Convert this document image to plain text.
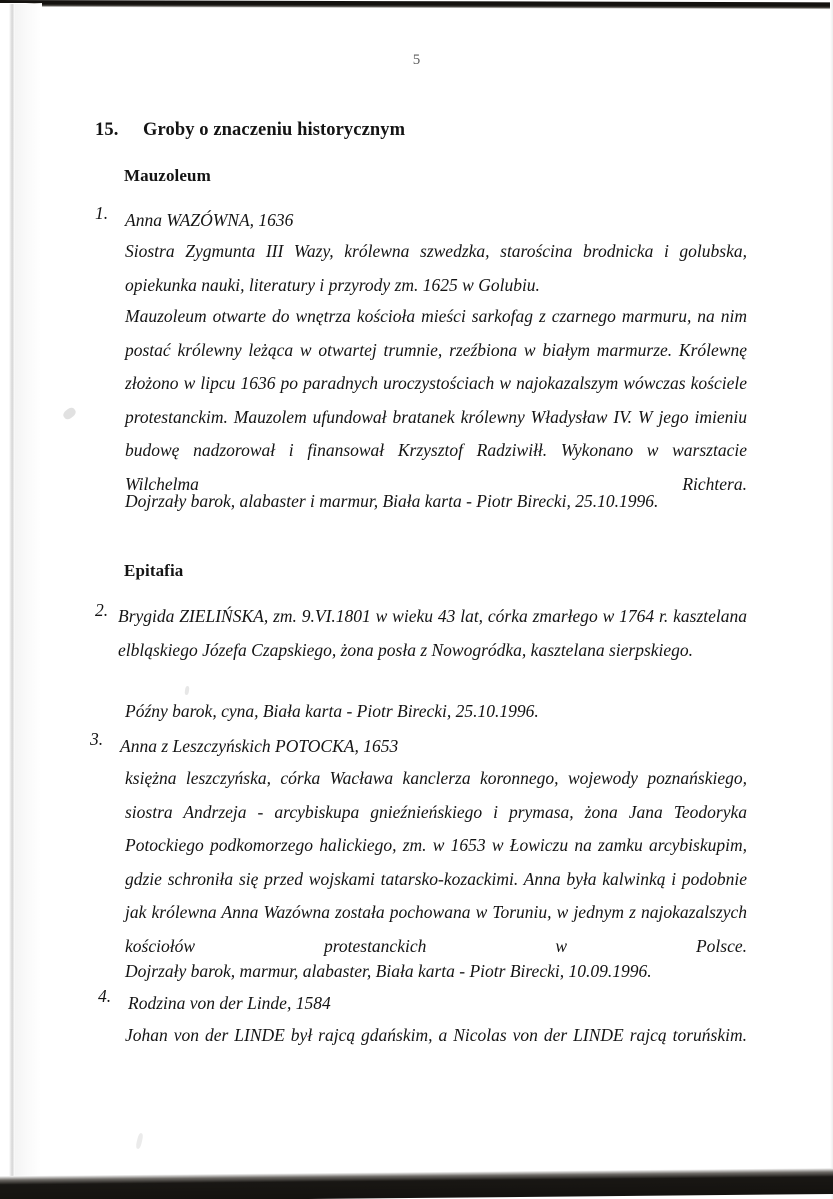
5
15. Groby o znaczeniu historycznym
Mauzoleum
1. Anna WAZÓWNA, 1636

Siostra Zygmunta III Wazy, królewna szwedzka, starościna brodnicka i golubska, opiekunka nauki, literatury i przyrody zm. 1625 w Golubiu.

Mauzoleum otwarte do wnętrza kościoła mieści sarkofag z czarnego marmuru, na nim postać królewny leżąca w otwartej trumnie, rzeźbiona w białym marmurze. Królewnę złożono w lipcu 1636 po paradnych uroczystościach w najokazalszym wówczas kościele protestanckim. Mauzolem ufundował bratanek królewny Władysław IV. W jego imieniu budowę nadzorował i finansował Krzysztof Radziwiłł. Wykonano w warsztacie Wilchelma Richtera.

Dojrzały barok, alabaster i marmur, Biała karta - Piotr Birecki, 25.10.1996.

Epitafia
2. Brygida ZIELIŃSKA, zm. 9.VI.1801 w wieku 43 lat, córka zmarłego w 1764 r. kasztelana elbląskiego Józefa Czapskiego, żona posła z Nowogródka, kasztelana sierpskiego.

Późny barok, cyna, Biała karta - Piotr Birecki, 25.10.1996.

3. Anna z Leszczyńskich POTOCKA, 1653

księżna leszczyńska, córka Wacława kanclerza koronnego, wojewody poznańskiego, siostra Andrzeja - arcybiskupa gnieźnieńskiego i prymasa, żona Jana Teodoryka Potockiego podkomorzego halickiego, zm. w 1653 w Łowiczu na zamku arcybiskupim, gdzie schroniła się przed wojskami tatarsko-kozackimi. Anna była kalwinką i podobnie jak królewna Anna Wazówna została pochowana w Toruniu, w jednym z najokazalszych kościołów protestanckich w Polsce.

Dojrzały barok, marmur, alabaster, Biała karta - Piotr Birecki, 10.09.1996.

4. Rodzina von der Linde, 1584

Johan von der LINDE był rajcą gdańskim, a Nicolas von der LINDE rajcą toruńskim.
